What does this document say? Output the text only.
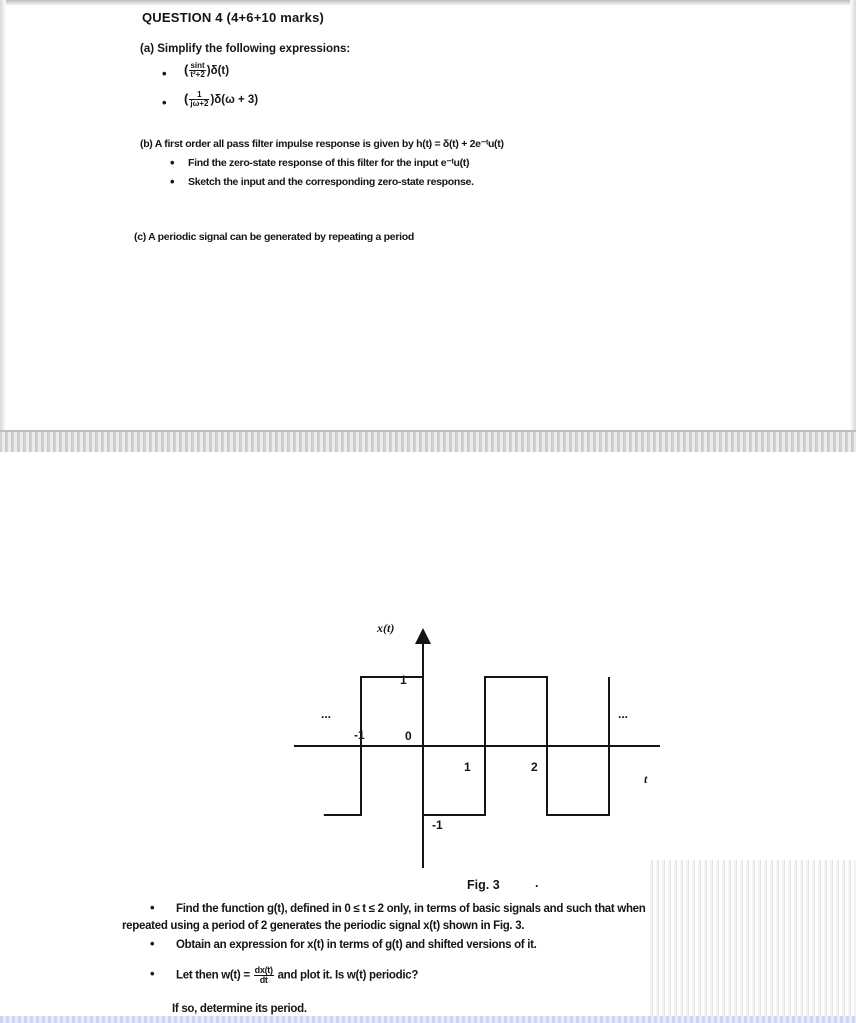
QUESTION 4 (4+6+10 marks)
(a) Simplify the following expressions:
• ( $\frac{\sin t}{\text{t²+2}} )\delta(t)$
• ( $\frac{1}{j\omega+2} )\delta(\omega + 3)$
(b) A first order all pass filter impulse response is given by h(t) = δ(t) + 2e⁻ᵗu(t)
• Find the zero-state response of this filter for the input e⁻ᵗu(t)
• Sketch the input and the corresponding zero-state response.
(c) A periodic signal can be generated by repeating a period
x(t)
t
...	...
1
-1	0
1	2
-1
Fig. 3	.
• Find the function g(t), defined in 0 ≤ t ≤ 2 only, in terms of basic signals and such that when
repeated using a period of 2 generates the periodic signal x(t) shown in Fig. 3.
• Obtain an expression for x(t) in terms of g(t) and shifted versions of it.
• Let then $w(t) = \frac{dx(t)}{dt}$ and plot it. Is w(t) periodic?
If so, determine its period.
